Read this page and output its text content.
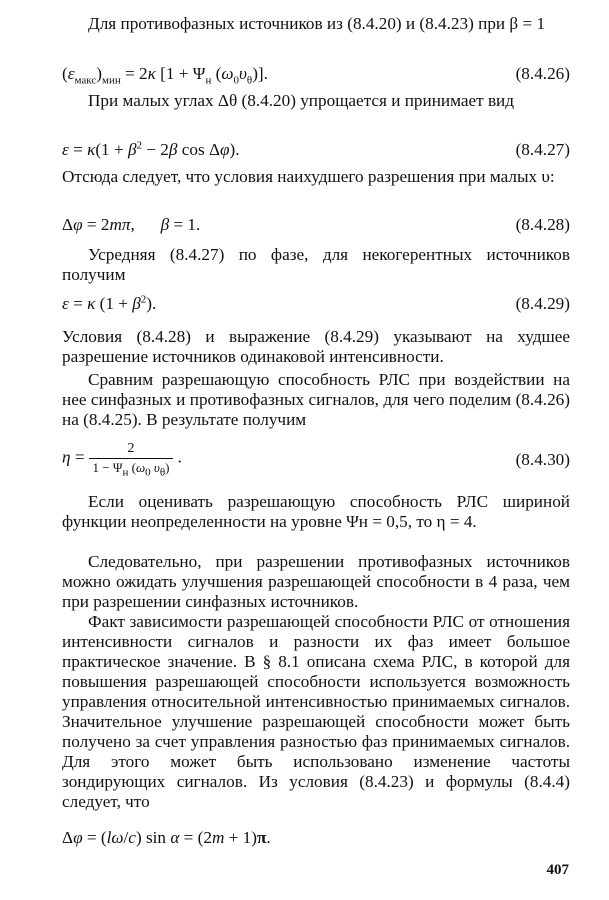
Для противофазных источников из (8.4.20) и (8.4.23) при β = 1

$(\varepsilon_{макс})_{мин} = 2\kappa$ [$1 + \Psi_н$ $(\omega_0\upsilon_\theta)$].	(8.4.26)

При малых углах Δθ (8.4.20) упрощается и принимает вид

$\varepsilon = \kappa(1 + \beta^2 - 2\beta$ cos Δφ).	(8.4.27)

Отсюда следует, что условия наихудшего разрешения при малых υ:

Δφ = 2mπ,      β = 1.	(8.4.28)

Усредняя (8.4.27) по фазе, для некогерентных источников получим

ε = κ $(1 + \beta^2)$.	(8.4.29)

Условия (8.4.28) и выражение (8.4.29) указывают на худшее разрешение источников одинаковой интенсивности.

Сравним разрешающую способность РЛС при воздействии на нее синфазных и противофазных сигналов, для чего поделим (8.4.26) на (8.4.25). В результате получим

$\eta = \frac{2}{1 - \Psi_н (\omega_0 \upsilon_\theta)}$ .	(8.4.30)

Если оценивать разрешающую способность РЛС шириной функции неопределенности на уровне Ψн = 0,5, то η = 4.

Следовательно, при разрешении противофазных источников можно ожидать улучшения разрешающей способности в 4 раза, чем при разрешении синфазных источников.

Факт зависимости разрешающей способности РЛС от отношения интенсивности сигналов и разности их фаз имеет большое практическое значение. В § 8.1 описана схема РЛС, в которой для повышения разрешающей способности используется возможность управления относительной интенсивностью принимаемых сигналов. Значительное улучшение разрешающей способности может быть получено за счет управления разностью фаз принимаемых сигналов. Для этого может быть использовано изменение частоты зондирующих сигналов. Из условия (8.4.23) и формулы (8.4.4) следует, что

Δφ = (lω/c) sin α = (2m + 1)π.
407
